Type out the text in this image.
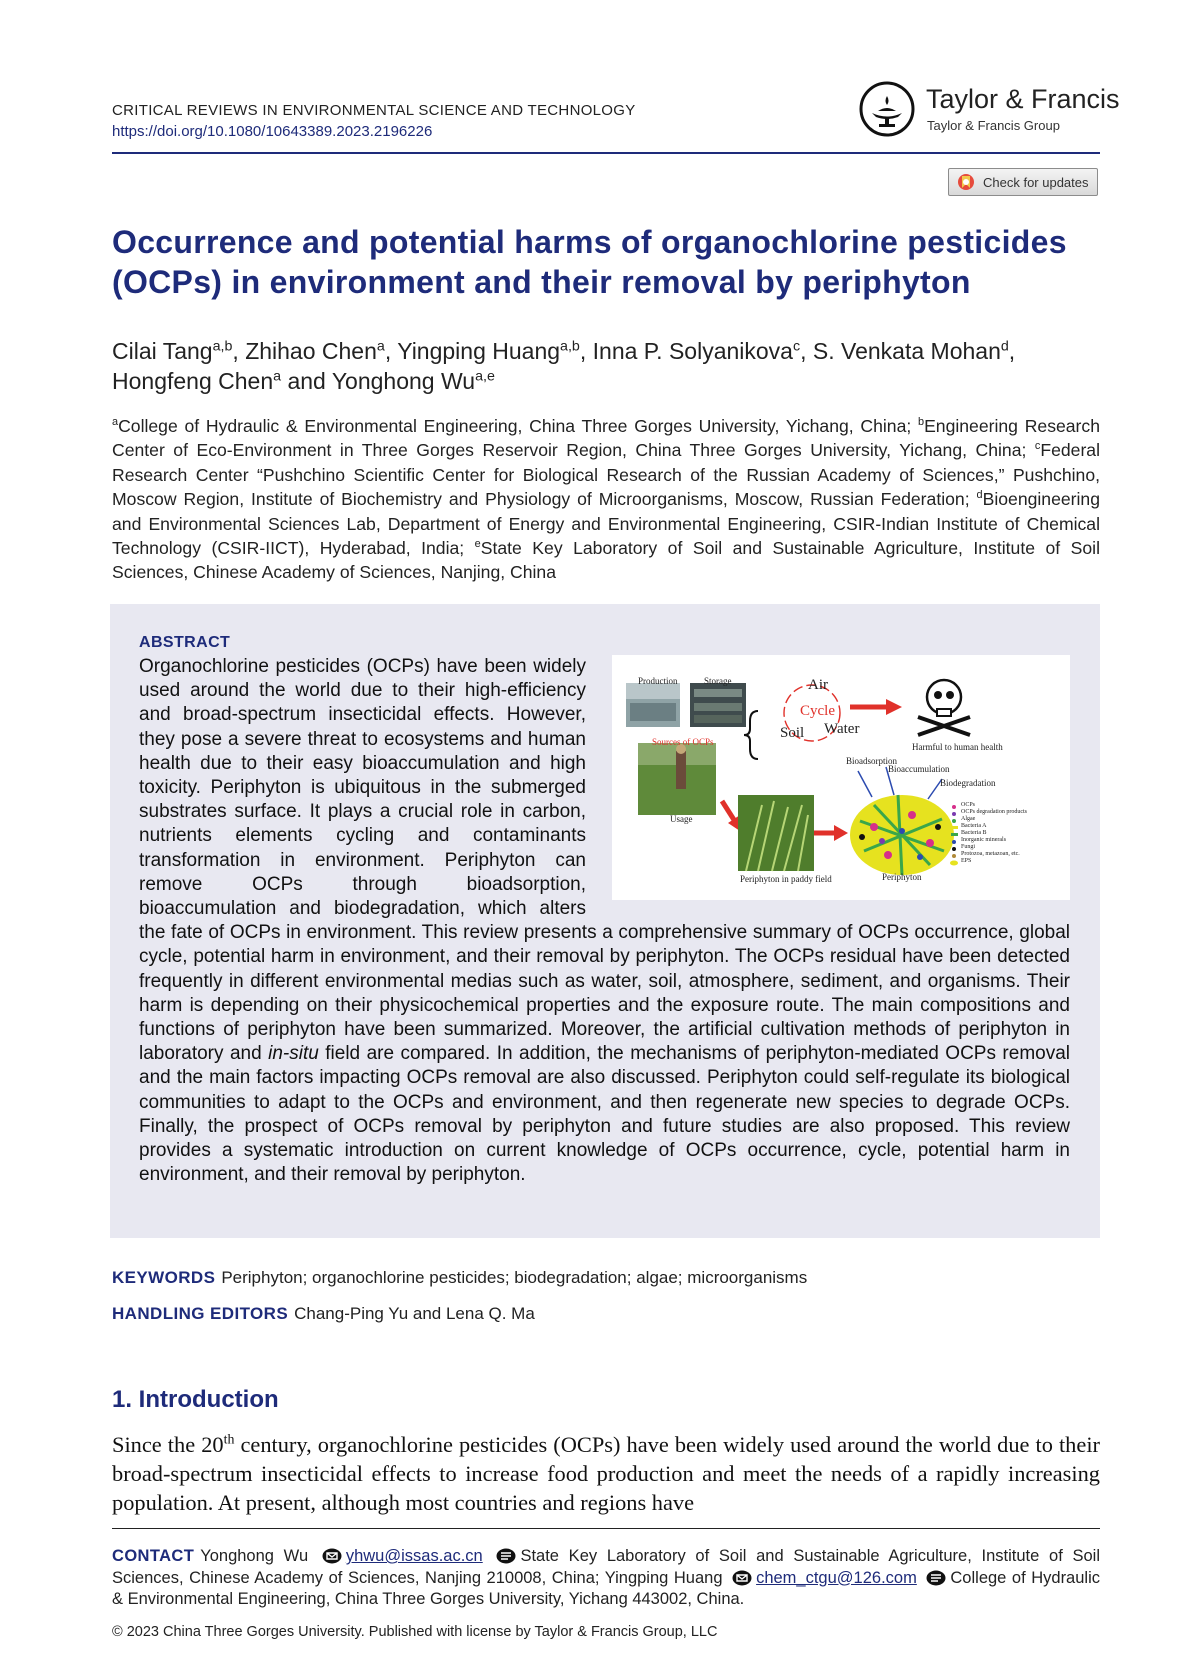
CRITICAL REVIEWS IN ENVIRONMENTAL SCIENCE AND TECHNOLOGY
https://doi.org/10.1080/10643389.2023.2196226
Taylor & Francis
Taylor & Francis Group
Check for updates
Occurrence and potential harms of organochlorine pesticides (OCPs) in environment and their removal by periphyton
Cilai Tang$^{a,b}$, Zhihao Chen$^a$, Yingping Huang$^{a,b}$, Inna P. Solyanikova$^c$, S. Venkata Mohan$^d$, Hongfeng Chen$^a$ and Yonghong Wu$^{a,e}$
$^a$College of Hydraulic & Environmental Engineering, China Three Gorges University, Yichang, China; $^b$Engineering Research Center of Eco-Environment in Three Gorges Reservoir Region, China Three Gorges University, Yichang, China; $^c$Federal Research Center “Pushchino Scientific Center for Biological Research of the Russian Academy of Sciences,” Pushchino, Moscow Region, Institute of Biochemistry and Physiology of Microorganisms, Moscow, Russian Federation; $^d$Bioengineering and Environmental Sciences Lab, Department of Energy and Environmental Engineering, CSIR-Indian Institute of Chemical Technology (CSIR-IICT), Hyderabad, India; $^e$State Key Laboratory of Soil and Sustainable Agriculture, Institute of Soil Sciences, Chinese Academy of Sciences, Nanjing, China
ABSTRACT

Production	Storage
Sources of OCPs
Usage
Air
Cycle
Soil Water
Harmful to human health
Bioadsorption
Bioaccumulation
Biodegradation
Periphyton in paddy field	Periphyton
OCPs
OCPs degradation products
Algae
Bacteria A
Bacteria B
Inorganic minerals
Fungi
Protozoa, metazoan, etc.
EPS
Organochlorine pesticides (OCPs) have been widely used around the world due to their high-efficiency and broad-spectrum insecticidal effects. However, they pose a severe threat to ecosystems and human health due to their easy bioaccumulation and high toxicity. Periphyton is ubiquitous in the submerged substrates surface. It plays a crucial role in carbon, nutrients elements cycling and contaminants transformation in environment. Periphyton can remove OCPs through bioadsorption, bioaccumulation and biodegradation, which alters the fate of OCPs in environment. This review presents a comprehensive summary of OCPs occurrence, global cycle, potential harm in environment, and their removal by periphyton. The OCPs residual have been detected frequently in different environmental medias such as water, soil, atmosphere, sediment, and organisms. Their harm is depending on their physicochemical properties and the exposure route. The main compositions and functions of periphyton have been summarized. Moreover, the artificial cultivation methods of periphyton in laboratory and in-situ field are compared. In addition, the mechanisms of periphyton-mediated OCPs removal and the main factors impacting OCPs removal are also discussed. Periphyton could self-regulate its biological communities to adapt to the OCPs and environment, and then regenerate new species to degrade OCPs. Finally, the prospect of OCPs removal by periphyton and future studies are also proposed. This review provides a systematic introduction on current knowledge of OCPs occurrence, cycle, potential harm in environment, and their removal by periphyton.

KEYWORDS Periphyton; organochlorine pesticides; biodegradation; algae; microorganisms
HANDLING EDITORS Chang-Ping Yu and Lena Q. Ma
1. Introduction

Since the 20th century, organochlorine pesticides (OCPs) have been widely used around the world due to their broad-spectrum insecticidal effects to increase food production and meet the needs of a rapidly increasing population. At present, although most countries and regions have

CONTACT Yonghong Wu yhwu@issas.ac.cn State Key Laboratory of Soil and Sustainable Agriculture, Institute of Soil Sciences, Chinese Academy of Sciences, Nanjing 210008, China; Yingping Huang chem_ctgu@126.com College of Hydraulic & Environmental Engineering, China Three Gorges University, Yichang 443002, China.
© 2023 China Three Gorges University. Published with license by Taylor & Francis Group, LLC
